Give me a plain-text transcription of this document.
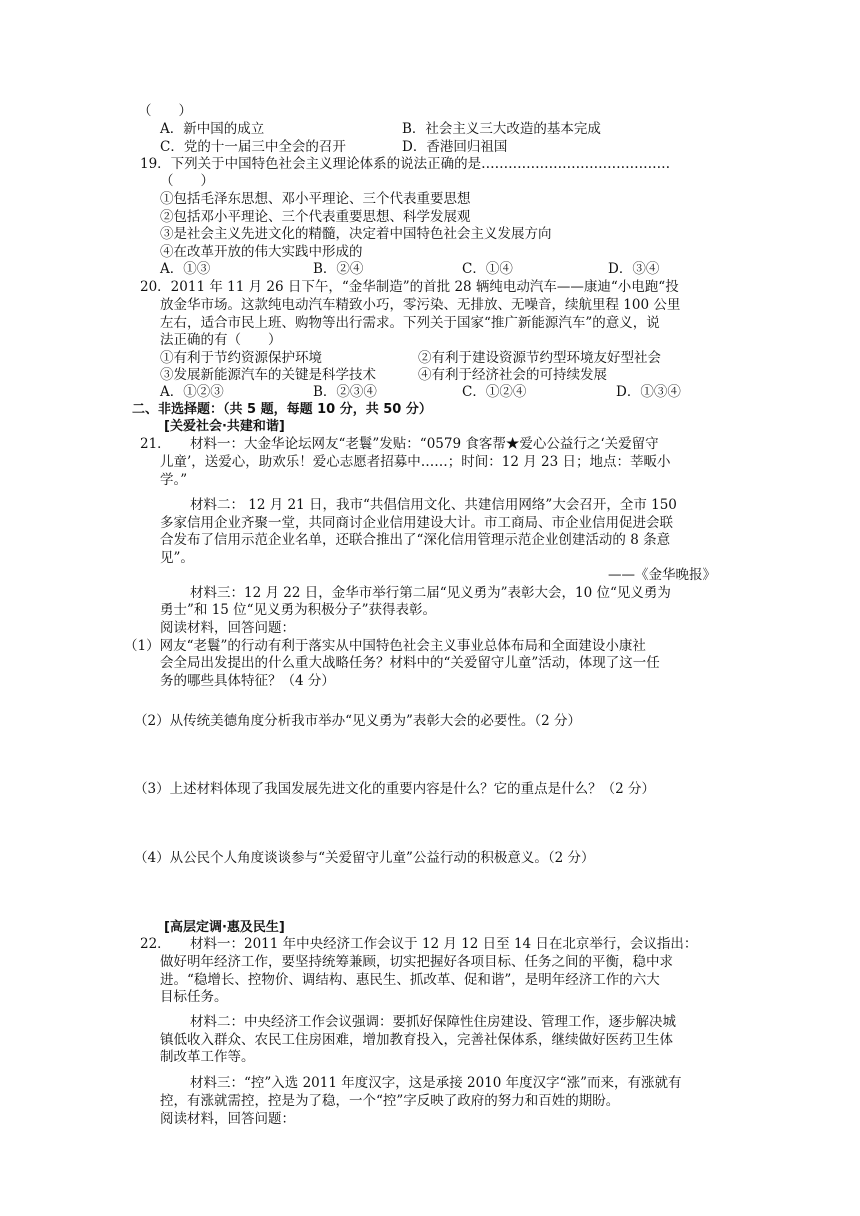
（　　）
A．新中国的成立	B．社会主义三大改造的基本完成
C．党的十一届三中全会的召开	D．香港回归祖国
19．下列关于中国特色社会主义理论体系的说法正确的是……………………………………
（　　）
①包括毛泽东思想、邓小平理论、三个代表重要思想
②包括邓小平理论、三个代表重要思想、科学发展观
③是社会主义先进文化的精髓，决定着中国特色社会主义发展方向
④在改革开放的伟大实践中形成的
A．①③	B．②④	C．①④	D．③④
20．2011 年 11 月 26 日下午，“金华制造”的首批 28 辆纯电动汽车——康迪“小电跑“投
放金华市场。这款纯电动汽车精致小巧，零污染、无排放、无噪音，续航里程 100 公里
左右，适合市民上班、购物等出行需求。下列关于国家“推广新能源汽车”的意义，说
法正确的有（　　）
①有利于节约资源保护环境	②有利于建设资源节约型环境友好型社会
③发展新能源汽车的关键是科学技术	④有利于经济社会的可持续发展
A．①②③	B．②③④	C．①②④	D．①③④
二、非选择题：（共 5 题，每题 10 分，共 50 分）
[关爱社会·共建和谐]
21． 材料一：大金华论坛网友“老鬟”发贴：“0579 食客帮★爱心公益行之‘关爱留守
儿童’，送爱心，助欢乐！爱心志愿者招募中……；时间：12 月 23 日；地点：莘畈小
学。”
材料二： 12 月 21 日，我市“共倡信用文化、共建信用网络”大会召开，全市 150
多家信用企业齐聚一堂，共同商讨企业信用建设大计。市工商局、市企业信用促进会联
合发布了信用示范企业名单，还联合推出了“深化信用管理示范企业创建活动的 8 条意
见”。
——《金华晚报》
材料三：12 月 22 日，金华市举行第二届“见义勇为”表彰大会，10 位“见义勇为
勇士”和 15 位“见义勇为积极分子”获得表彰。
阅读材料，回答问题：
（1）网友“老鬟”的行动有利于落实从中国特色社会主义事业总体布局和全面建设小康社
会全局出发提出的什么重大战略任务？材料中的“关爱留守儿童”活动，体现了这一任
务的哪些具体特征？（4 分）
（2）从传统美德角度分析我市举办“见义勇为”表彰大会的必要性。（2 分）
（3）上述材料体现了我国发展先进文化的重要内容是什么？它的重点是什么？（2 分）
（4）从公民个人角度谈谈参与“关爱留守儿童”公益行动的积极意义。（2 分）
[高层定调·惠及民生]
22． 材料一：2011 年中央经济工作会议于 12 月 12 日至 14 日在北京举行，会议指出：
做好明年经济工作，要坚持统筹兼顾，切实把握好各项目标、任务之间的平衡，稳中求
进。“稳增长、控物价、调结构、惠民生、抓改革、促和谐”，是明年经济工作的六大
目标任务。
材料二：中央经济工作会议强调：要抓好保障性住房建设、管理工作，逐步解决城
镇低收入群众、农民工住房困难，增加教育投入，完善社保体系，继续做好医药卫生体
制改革工作等。
材料三：“控”入选 2011 年度汉字，这是承接 2010 年度汉字“涨”而来，有涨就有
控，有涨就需控，控是为了稳，一个“控”字反映了政府的努力和百姓的期盼。
阅读材料，回答问题：
